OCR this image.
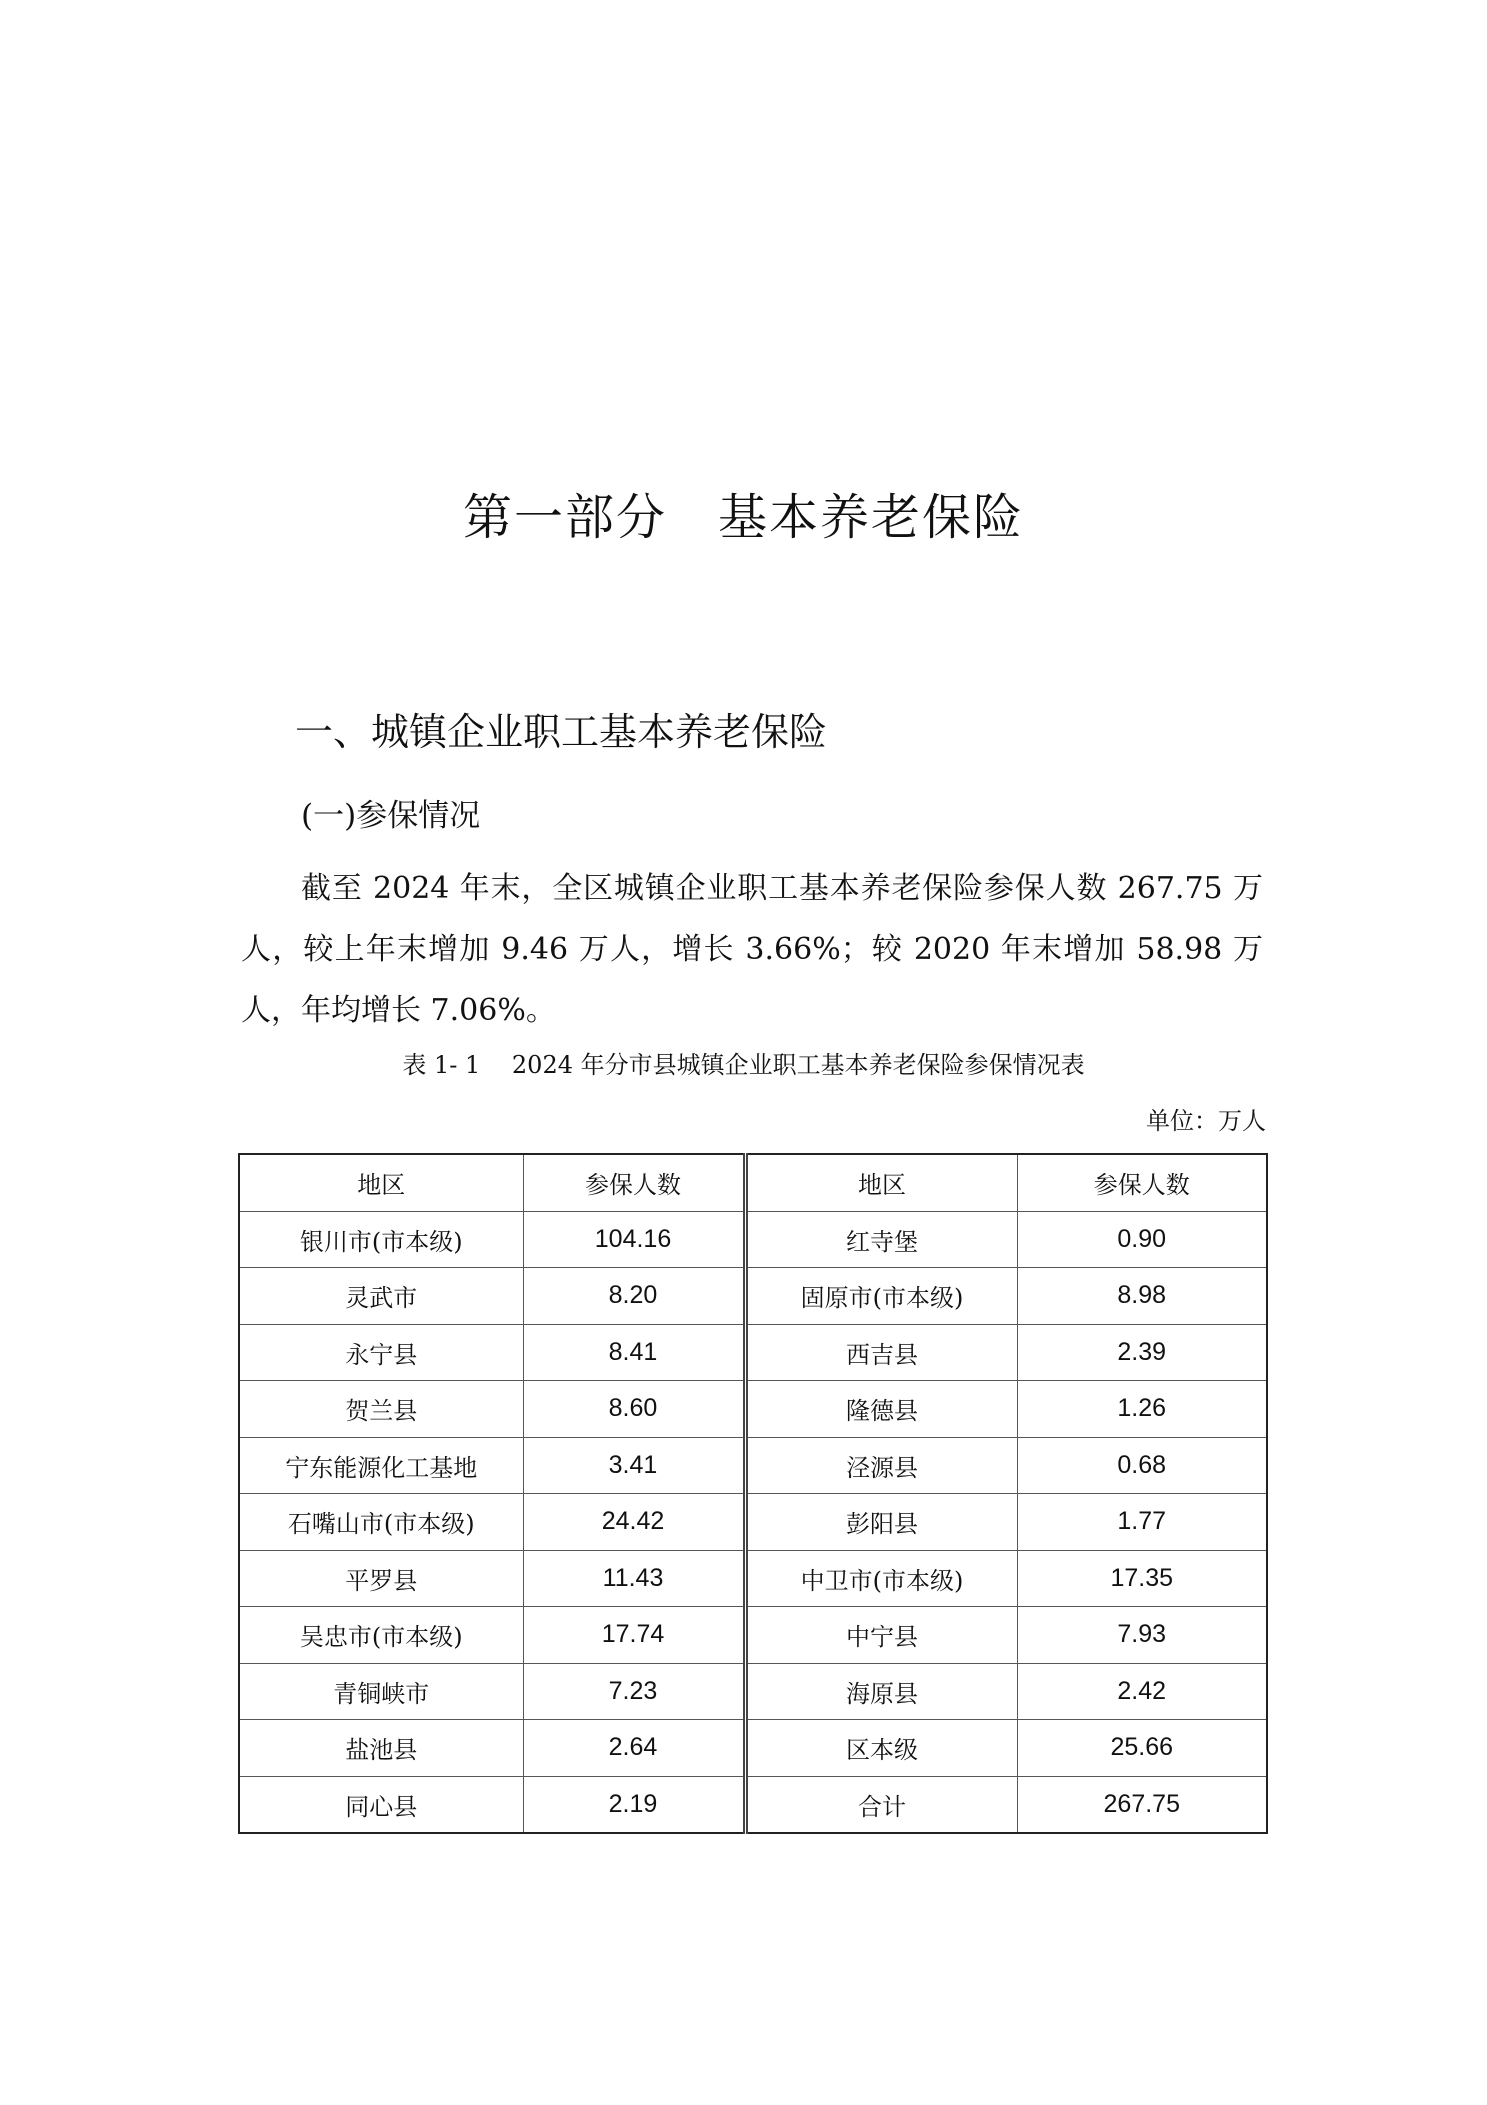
第一部分　基本养老保险
一、城镇企业职工基本养老保险
(一)参保情况

截至 2024 年末，全区城镇企业职工基本养老保险参保人数 267.75 万人，较上年末增加 9.46 万人，增长 3.66%；较 2020 年末增加 58.98 万人，年均增长 7.06%。

表 1- 1　 2024 年分市县城镇企业职工基本养老保险参保情况表
单位：万人
地区	参保人数	地区	参保人数
银川市(市本级)	104.16	红寺堡	0.90
灵武市	8.20	固原市(市本级)	8.98
永宁县	8.41	西吉县	2.39
贺兰县	8.60	隆德县	1.26
宁东能源化工基地	3.41	泾源县	0.68
石嘴山市(市本级)	24.42	彭阳县	1.77
平罗县	11.43	中卫市(市本级)	17.35
吴忠市(市本级)	17.74	中宁县	7.93
青铜峡市	7.23	海原县	2.42
盐池县	2.64	区本级	25.66
同心县	2.19	合计	267.75
